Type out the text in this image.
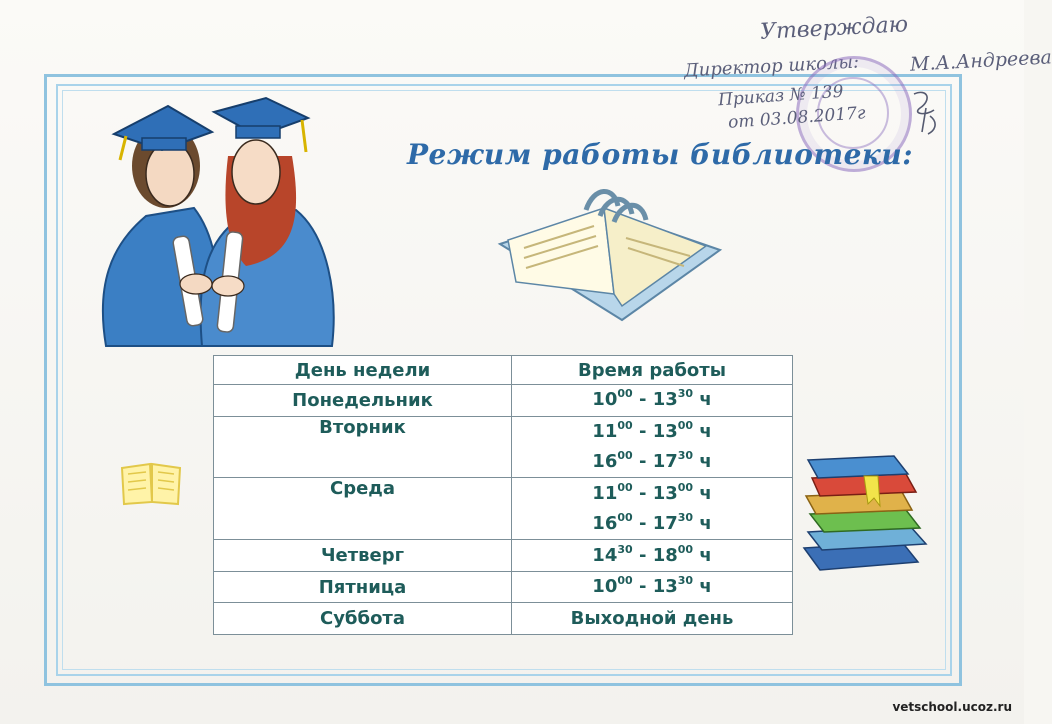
Утверждаю
Директор школы:	М.А.Андреева
Приказ № 139
от 03.08.2017г
Режим работы библиотеки:
День недели	Время работы
Понедельник	$10^{00} - 13^{30}$ ч

Вторник	$11^{00} - 13^{00}$ ч
$16^{00} - 17^{30}$ ч

Среда	$11^{00} - 13^{00}$ ч
$16^{00} - 17^{30}$ ч

Четверг	$14^{30} - 18^{00}$ ч

Пятница	$10^{00} - 13^{30}$ ч

Суббота	Выходной день
vetschool.ucoz.ru
